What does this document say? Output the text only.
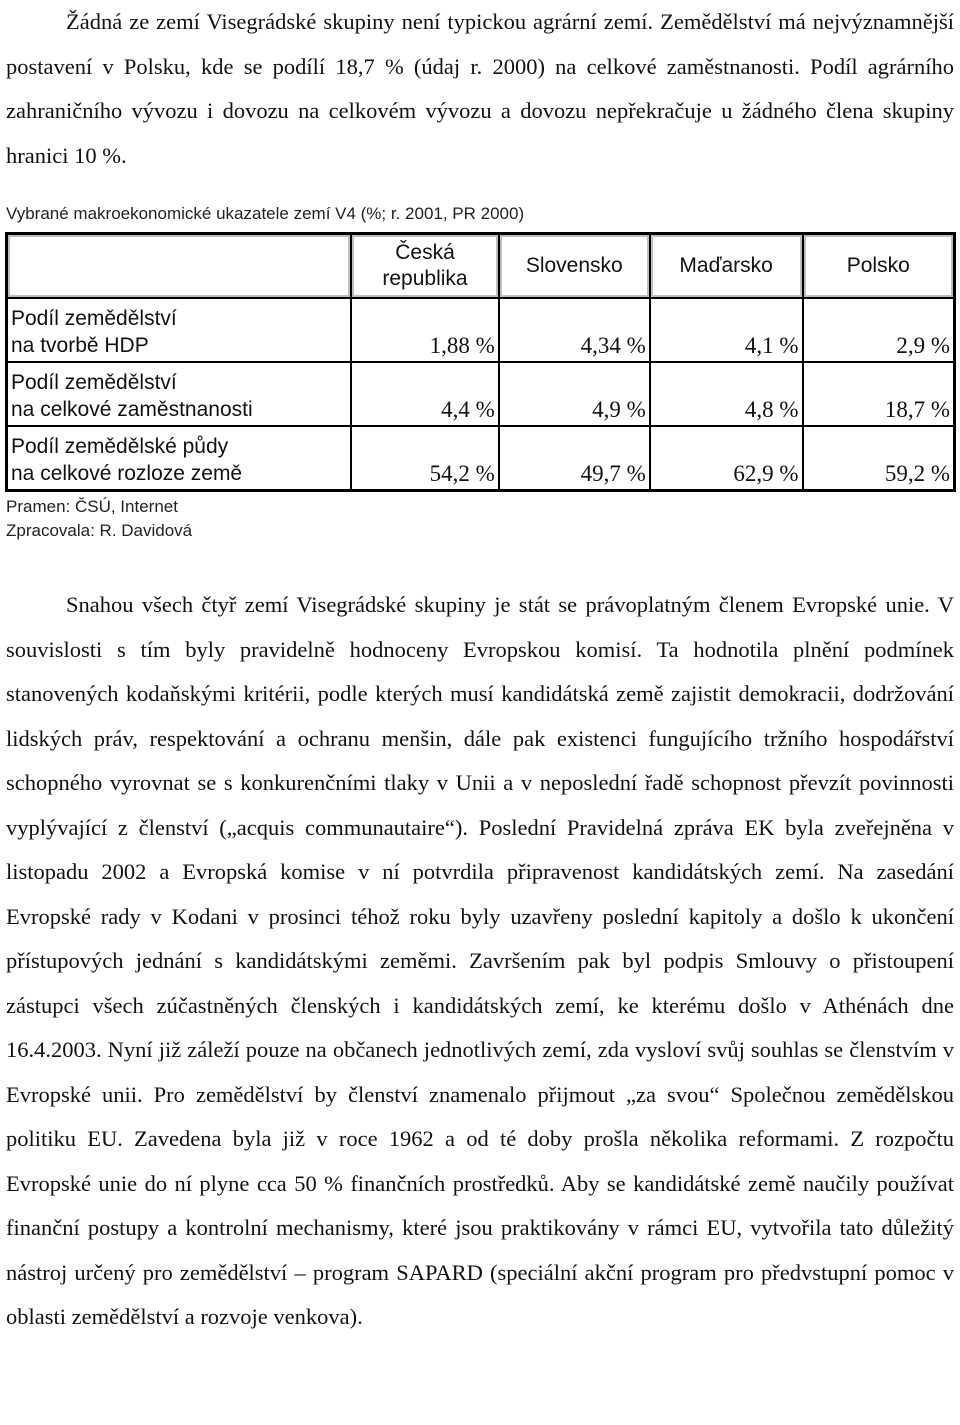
Žádná ze zemí Visegrádské skupiny není typickou agrární zemí. Zemědělství má nejvýznamnější postavení v Polsku, kde se podílí 18,7 % (údaj r. 2000) na celkové zaměstnanosti. Podíl agrárního zahraničního vývozu i dovozu na celkovém vývozu a dovozu nepřekračuje u žádného člena skupiny hranici 10 %.

Vybrané makroekonomické ukazatele zemí V4 (%; r. 2001, PR 2000)
	Česká republika	Slovensko	Maďarsko	Polsko
Podíl zemědělství
na tvorbě HDP	1,88 %	4,34 %	4,1 %	2,9 %
Podíl zemědělství
na celkové zaměstnanosti	4,4 %	4,9 %	4,8 %	18,7 %
Podíl zemědělské půdy
na celkové rozloze země	54,2 %	49,7 %	62,9 %	59,2 %
Pramen: ČSÚ, Internet
Zpracovala: R. Davidová

Snahou všech čtyř zemí Visegrádské skupiny je stát se právoplatným členem Evropské unie. V souvislosti s tím byly pravidelně hodnoceny Evropskou komisí. Ta hodnotila plnění podmínek stanovených kodaňskými kritérii, podle kterých musí kandidátská země zajistit demokracii, dodržování lidských práv, respektování a ochranu menšin, dále pak existenci fungujícího tržního hospodářství schopného vyrovnat se s konkurenčními tlaky v Unii a v neposlední řadě schopnost převzít povinnosti vyplývající z členství („acquis communautaire“). Poslední Pravidelná zpráva EK byla zveřejněna v listopadu 2002 a Evropská komise v ní potvrdila připravenost kandidátských zemí. Na zasedání Evropské rady v Kodani v prosinci téhož roku byly uzavřeny poslední kapitoly a došlo k ukončení přístupových jednání s kandidátskými zeměmi. Završením pak byl podpis Smlouvy o přistoupení zástupci všech zúčastněných členských i kandidátských zemí, ke kterému došlo v Athénách dne 16.4.2003. Nyní již záleží pouze na občanech jednotlivých zemí, zda vysloví svůj souhlas se členstvím v Evropské unii. Pro zemědělství by členství znamenalo přijmout „za svou“ Společnou zemědělskou politiku EU. Zavedena byla již v roce 1962 a od té doby prošla několika reformami. Z rozpočtu Evropské unie do ní plyne cca 50 % finančních prostředků. Aby se kandidátské země naučily používat finanční postupy a kontrolní mechanismy, které jsou praktikovány v rámci EU, vytvořila tato důležitý nástroj určený pro zemědělství – program SAPARD (speciální akční program pro předvstupní pomoc v oblasti zemědělství a rozvoje venkova).
